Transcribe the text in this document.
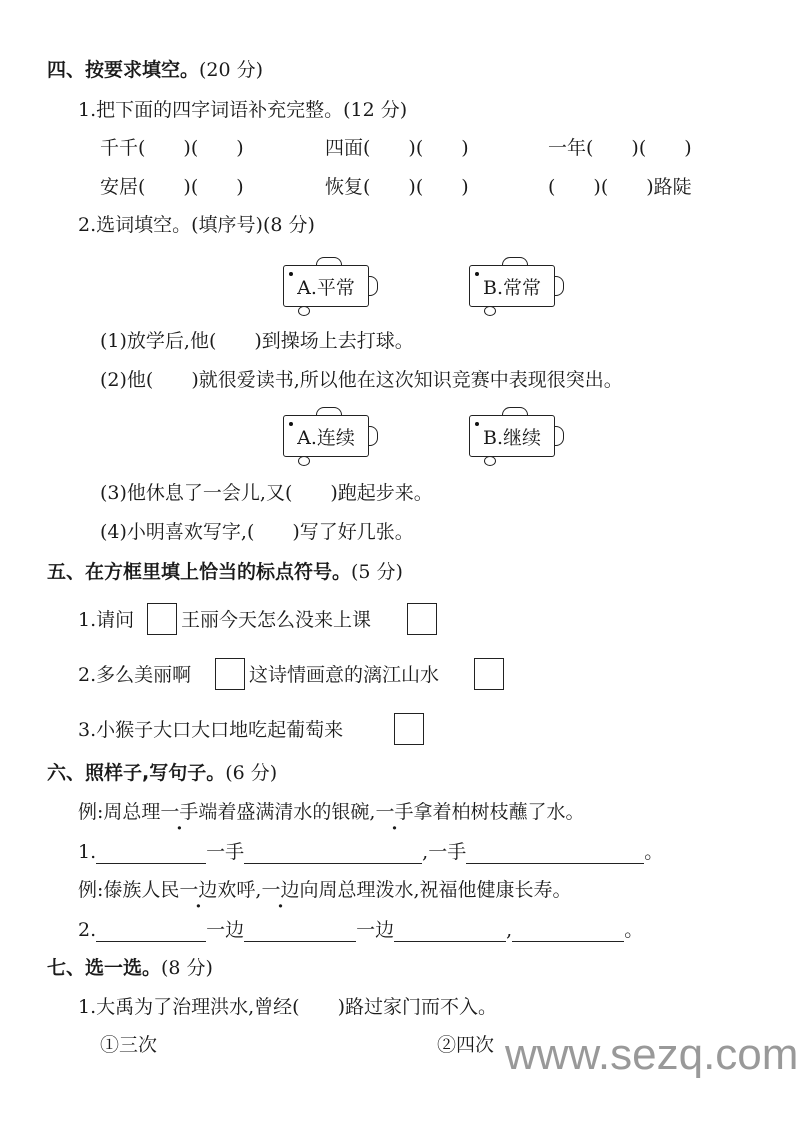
四、按要求填空。(20 分)
1.把下面的四字词语补充完整。(12 分)
千千(　　)(　　)	四面(　　)(　　)	一年(　　)(　　)
安居(　　)(　　)	恢复(　　)(　　)	(　　)(　　)路陡
2.选词填空。(填序号)(8 分)
A.平常	B.常常
(1)放学后,他(　　)到操场上去打球。
(2)他(　　)就很爱读书,所以他在这次知识竞赛中表现很突出。
A.连续	B.继续
(3)他休息了一会儿,又(　　)跑起步来。
(4)小明喜欢写字,(　　)写了好几张。
五、在方框里填上恰当的标点符号。(5 分)
1.请问 王丽今天怎么没来上课
2.多么美丽啊	这诗情画意的漓江山水
3.小猴子大口大口地吃起葡萄来
六、照样子,写句子。(6 分)
例:周总理一手端着盛满清水的银碗,一手拿着柏树枝蘸了水。
1.	一手	,一手	。
例:傣族人民一边欢呼,一边向周总理泼水,祝福他健康长寿。
2.	一边	一边	,	。
七、选一选。(8 分)
1.大禹为了治理洪水,曾经(　　)路过家门而不入。
①三次	②四次 www.sezq.com
